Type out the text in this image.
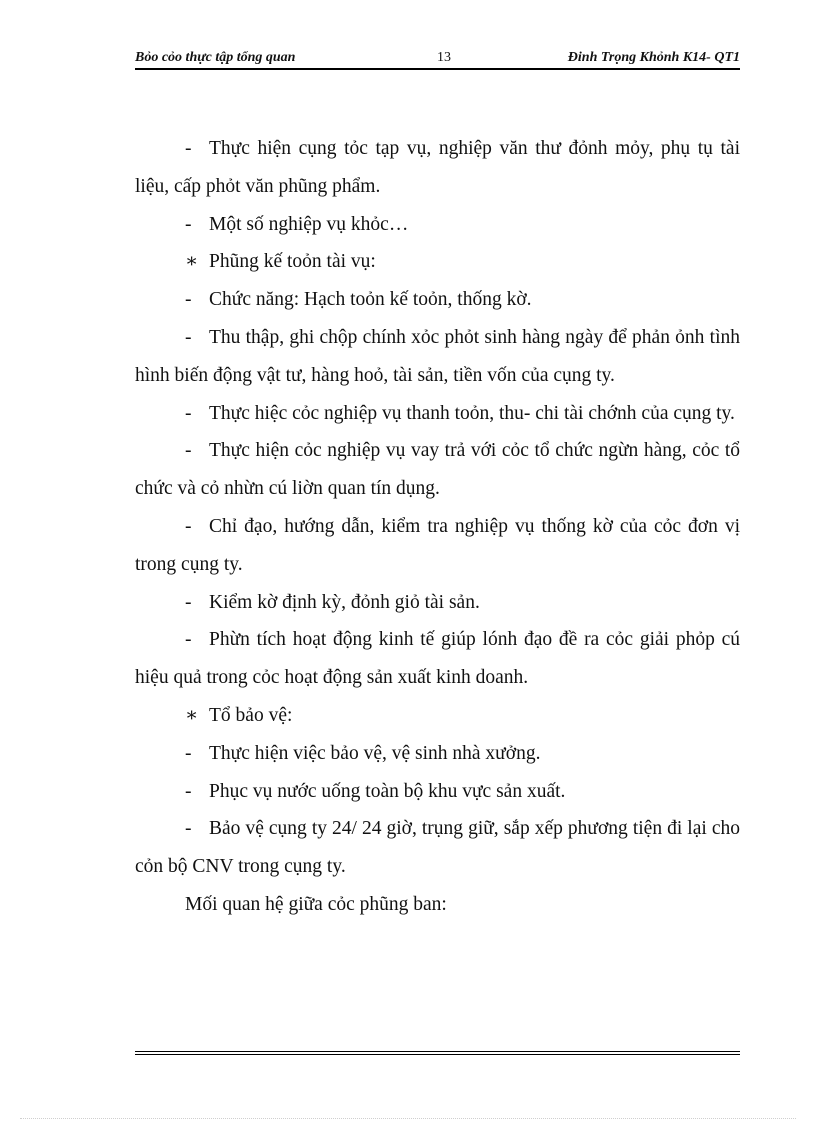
Bỏo cỏo thực tập tổng quan	13	Đinh Trọng Khỏnh K14- QT1

- Thực hiện cụng tỏc tạp vụ, nghiệp văn thư đỏnh mỏy, phụ tụ tài liệu, cấp phỏt văn phũng phẩm.

- Một số nghiệp vụ khỏc…

∗ Phũng kế toỏn tài vụ:

- Chức năng: Hạch toỏn kế toỏn, thống kờ.

- Thu thập, ghi chộp chính xỏc phỏt sinh hàng ngày để phản ỏnh tình hình biến động vật tư, hàng hoỏ, tài sản, tiền vốn của cụng ty.

- Thực hiệc cỏc nghiệp vụ thanh toỏn, thu- chi tài chớnh của cụng ty.

- Thực hiện cỏc nghiệp vụ vay trả với cỏc tổ chức ngừn hàng, cỏc tổ chức và cỏ nhừn cú liờn quan tín dụng.

- Chỉ đạo, hướng dẫn, kiểm tra nghiệp vụ thống kờ của cỏc đơn vị trong cụng ty.

- Kiểm kờ định kỳ, đỏnh giỏ tài sản.

- Phừn tích hoạt động kinh tế giúp lónh đạo đề ra cỏc giải phỏp cú hiệu quả trong cỏc hoạt động sản xuất kinh doanh.

∗ Tổ bảo vệ:

- Thực hiện việc bảo vệ, vệ sinh nhà xưởng.

- Phục vụ nước uống toàn bộ khu vực sản xuất.

- Bảo vệ cụng ty 24/ 24 giờ, trụng giữ, sắp xếp phương tiện đi lại cho cỏn bộ CNV trong cụng ty.

Mối quan hệ giữa cỏc phũng ban:
